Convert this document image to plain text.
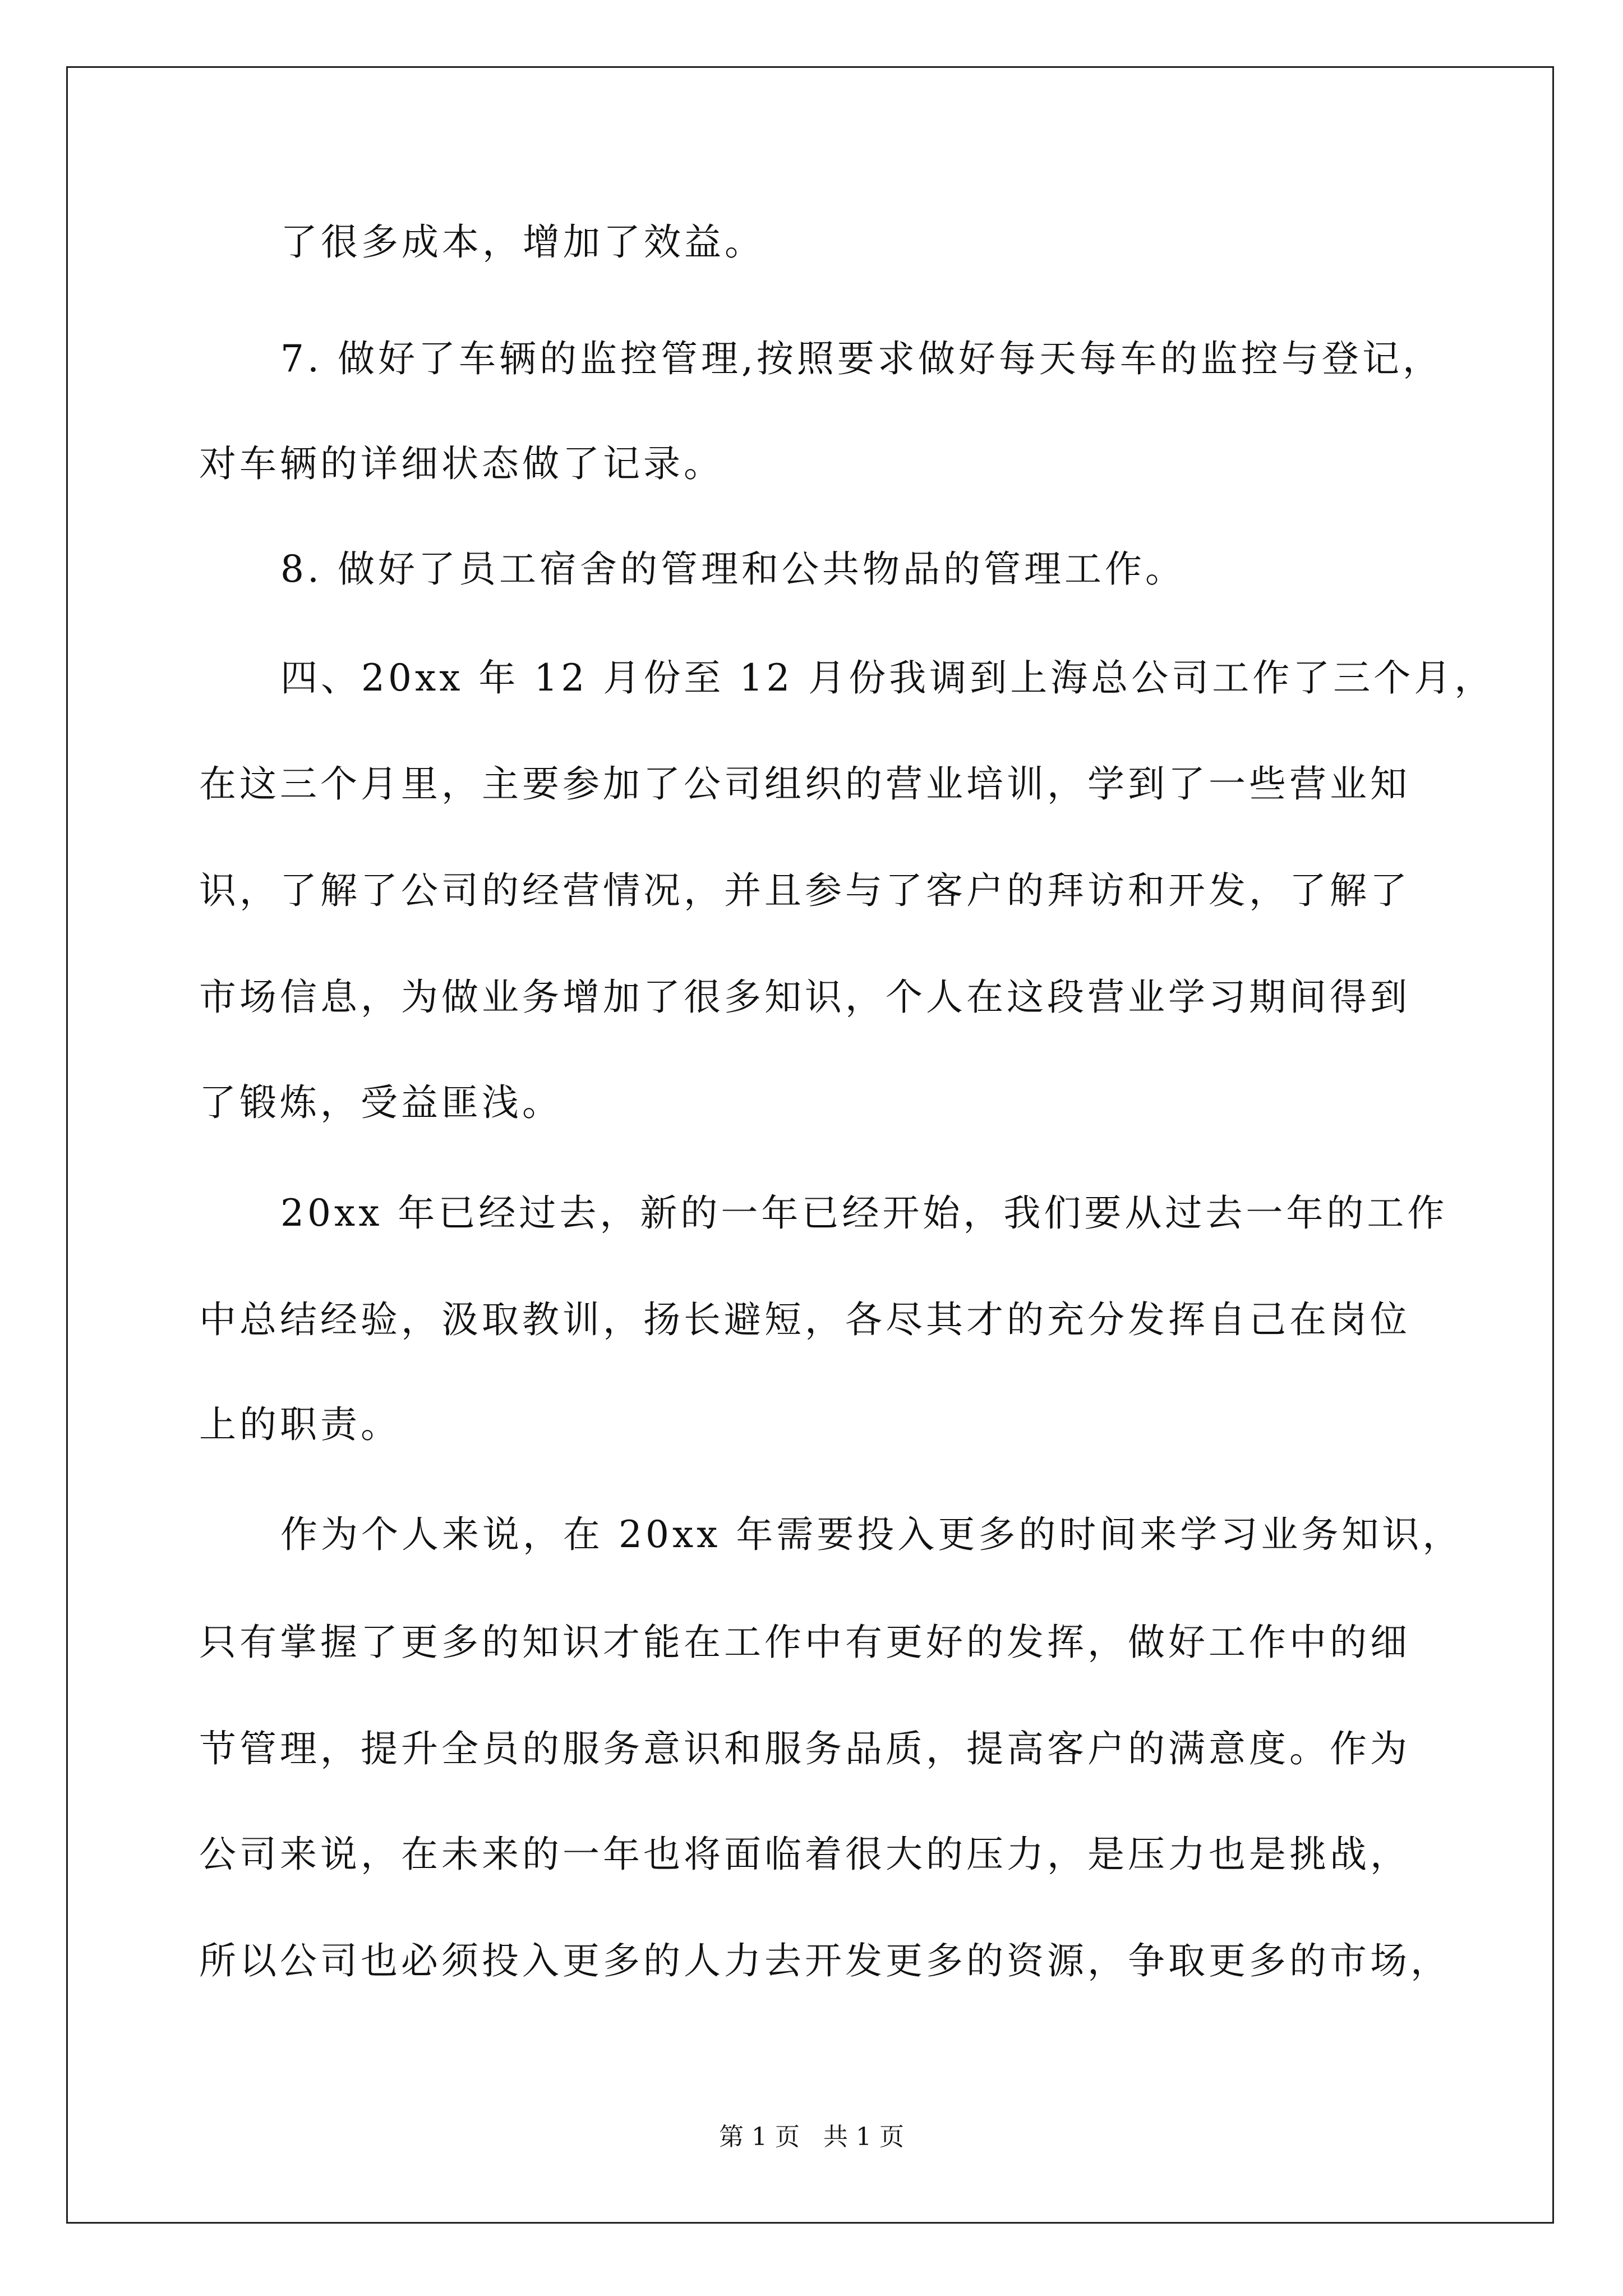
了很多成本，增加了效益。
7. 做好了车辆的监控管理,按照要求做好每天每车的监控与登记，
对车辆的详细状态做了记录。
8. 做好了员工宿舍的管理和公共物品的管理工作。
四、20xx 年 12 月份至 12 月份我调到上海总公司工作了三个月，
在这三个月里，主要参加了公司组织的营业培训，学到了一些营业知
识，了解了公司的经营情况，并且参与了客户的拜访和开发，了解了
市场信息，为做业务增加了很多知识，个人在这段营业学习期间得到
了锻炼，受益匪浅。
20xx 年已经过去，新的一年已经开始，我们要从过去一年的工作
中总结经验，汲取教训，扬长避短，各尽其才的充分发挥自己在岗位
上的职责。
作为个人来说，在 20xx 年需要投入更多的时间来学习业务知识，
只有掌握了更多的知识才能在工作中有更好的发挥，做好工作中的细
节管理，提升全员的服务意识和服务品质，提高客户的满意度。作为
公司来说，在未来的一年也将面临着很大的压力，是压力也是挑战，
所以公司也必须投入更多的人力去开发更多的资源，争取更多的市场，
第 1 页   共 1 页
